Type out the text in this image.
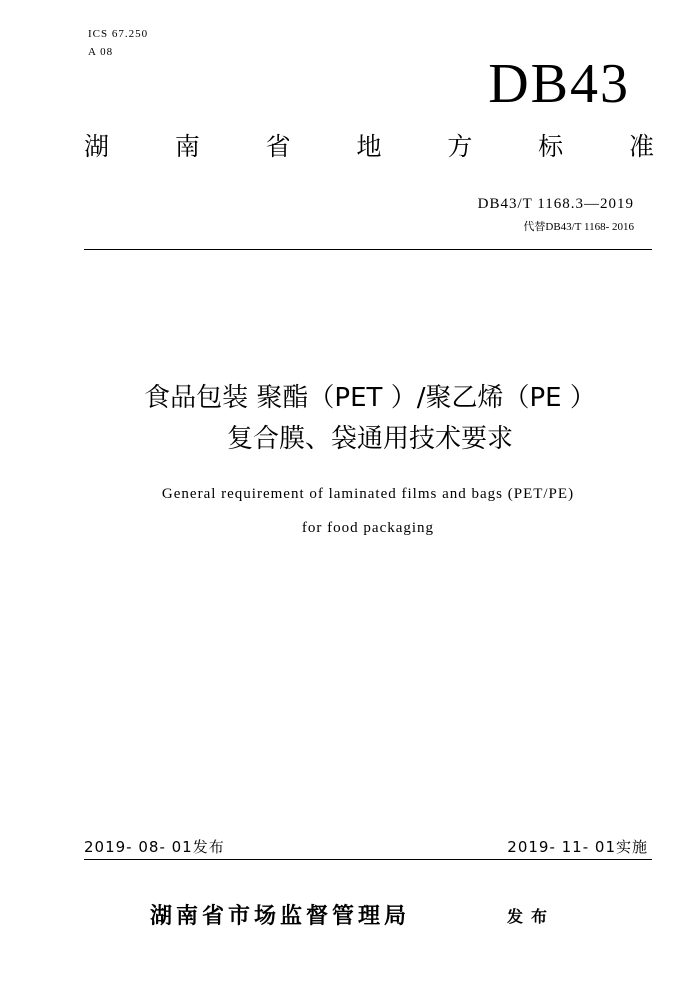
ICS 67.250
A 08
DB43
湖	南	省	地	方	标	准
DB43/T 1168.3—2019
代替DB43/T 1168- 2016
食品包装 聚酯（PET ）/聚乙烯（PE ）
复合膜、袋通用技术要求
General requirement of laminated films and bags (PET/PE)
for food packaging
2019- 08- 01发布	2019- 11- 01实施
湖南省市场监督管理局	发布
